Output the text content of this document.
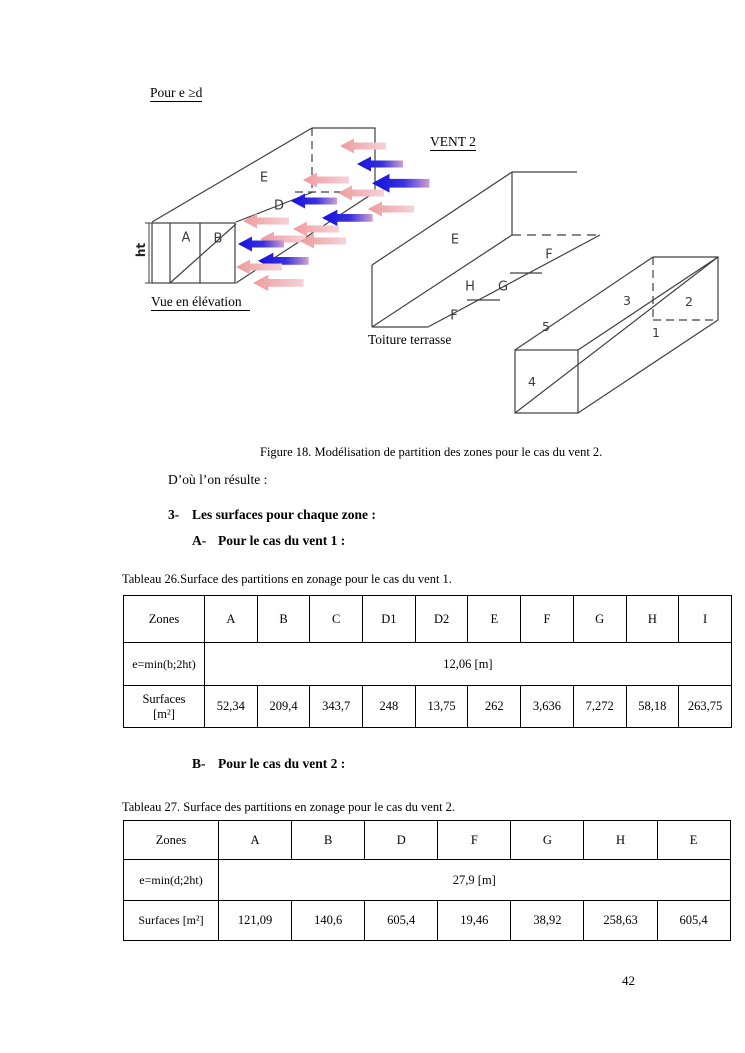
Pour e ≥d
VENT 2
Vue en élévation
Toiture terrasse
E
D
A B
ht
E
F
H G
F
3	2
1
5
4
Figure 18. Modélisation de partition des zones pour le cas du vent 2.
D’où l’on résulte :
3- Les surfaces pour chaque zone :
A- Pour le cas du vent 1 :
Tableau 26.Surface des partitions en zonage pour le cas du vent 1.
Zones	A	B	C	D1	D2	E	F	G	H	I
e=min(b;2ht)	12,06 [m]									

Surfaces
[m²]	52,34	209,4	343,7	248	13,75	262	3,636	7,272	58,18	263,75
B- Pour le cas du vent 2 :
Tableau 27. Surface des partitions en zonage pour le cas du vent 2.
Zones	A	B	D	F	G	H	E
e=min(d;2ht)	27,9 [m]						
Surfaces [m²]	121,09	140,6	605,4	19,46	38,92	258,63	605,4
42
